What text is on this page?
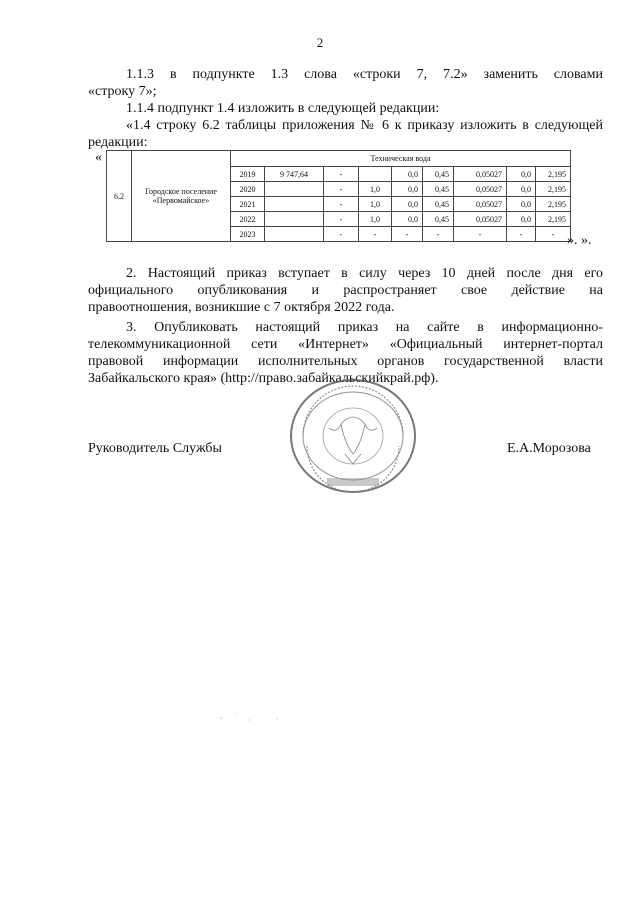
2

1.1.3 в подпункте 1.3 слова «строки 7, 7.2» заменить словами
«строку 7»;

1.1.4 подпункт 1.4 изложить в следующей редакции:

«1.4 строку 6.2 таблицы приложения № 6 к приказу изложить в следующей
редакции:

«
6.2	Городское поселение «Первомайское»	Техническая вода								
		2019	9 747,64	-		0,0	0,45	0,05027	0,0	2,195
		2020		-	1,0	0,0	0,45	0,05027	0,0	2,195
		2021		-	1,0	0,0	0,45	0,05027	0,0	2,195
		2022		-	1,0	0,0	0,45	0,05027	0,0	2,195
		2023		-	-	-	-	-	-	- ». ».

2. Настоящий приказ вступает в силу через 10 дней после дня его
официального опубликования и распространяет свое действие на
правоотношения, возникшие с 7 октября 2022 года.

3. Опубликовать настоящий приказ на сайте в информационно-
телекоммуникационной сети «Интернет» «Официальный интернет-портал
правовой информации исполнительных органов государственной власти
Забайкальского края» (http://право.забайкальскийкрай.рф).

Руководитель Службы	Е.А.Морозова
